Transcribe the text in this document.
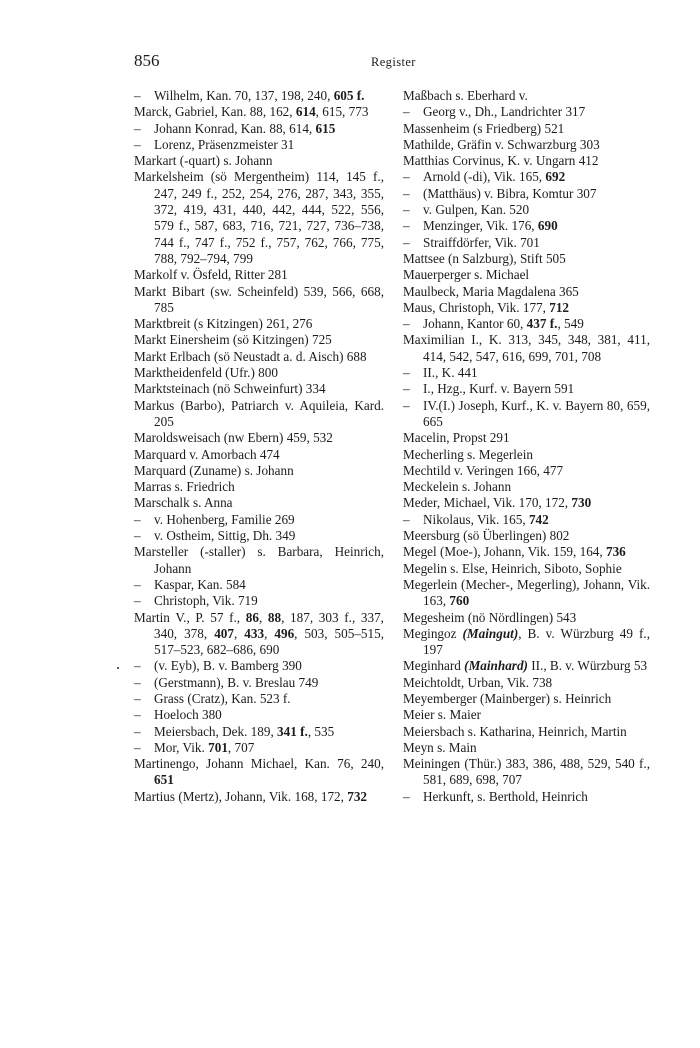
856	Register
– Wilhelm, Kan. 70, 137, 198, 240, 605 f.
Marck, Gabriel, Kan. 88, 162, 614, 615, 773
– Johann Konrad, Kan. 88, 614, 615
– Lorenz, Präsenzmeister 31
Markart (-quart) s. Johann
Markelsheim (sö Mergentheim) 114, 145 f., 247, 249 f., 252, 254, 276, 287, 343, 355, 372, 419, 431, 440, 442, 444, 522, 556, 579 f., 587, 683, 716, 721, 727, 736–738, 744 f., 747 f., 752 f., 757, 762, 766, 775, 788, 792–794, 799
Markolf v. Ösfeld, Ritter 281
Markt Bibart (sw. Scheinfeld) 539, 566, 668, 785
Marktbreit (s Kitzingen) 261, 276
Markt Einersheim (sö Kitzingen) 725
Markt Erlbach (sö Neustadt a. d. Aisch) 688
Marktheidenfeld (Ufr.) 800
Marktsteinach (nö Schweinfurt) 334
Markus (Barbo), Patriarch v. Aquileia, Kard. 205
Maroldsweisach (nw Ebern) 459, 532
Marquard v. Amorbach 474
Marquard (Zuname) s. Johann
Marras s. Friedrich
Marschalk s. Anna
– v. Hohenberg, Familie 269
– v. Ostheim, Sittig, Dh. 349
Marsteller (-staller) s. Barbara, Heinrich, Johann
– Kaspar, Kan. 584
– Christoph, Vik. 719
Martin V., P. 57 f., 86, 88, 187, 303 f., 337, 340, 378, 407, 433, 496, 503, 505–515, 517–523, 682–686, 690
– (v. Eyb), B. v. Bamberg 390
– (Gerstmann), B. v. Breslau 749
– Grass (Cratz), Kan. 523 f.
– Hoeloch 380
– Meiersbach, Dek. 189, 341 f., 535
– Mor, Vik. 701, 707
Martinengo, Johann Michael, Kan. 76, 240, 651
Martius (Mertz), Johann, Vik. 168, 172, 732
Maßbach s. Eberhard v.
– Georg v., Dh., Landrichter 317
Massenheim (s Friedberg) 521
Mathilde, Gräfin v. Schwarzburg 303
Matthias Corvinus, K. v. Ungarn 412
– Arnold (-di), Vik. 165, 692
– (Matthäus) v. Bibra, Komtur 307
– v. Gulpen, Kan. 520
– Menzinger, Vik. 176, 690
– Straiffdörfer, Vik. 701
Mattsee (n Salzburg), Stift 505
Mauerperger s. Michael
Maulbeck, Maria Magdalena 365
Maus, Christoph, Vik. 177, 712
– Johann, Kantor 60, 437 f., 549
Maximilian I., K. 313, 345, 348, 381, 411, 414, 542, 547, 616, 699, 701, 708
– II., K. 441
– I., Hzg., Kurf. v. Bayern 591
– IV.(I.) Joseph, Kurf., K. v. Bayern 80, 659, 665
Macelin, Propst 291
Mecherling s. Megerlein
Mechtild v. Veringen 166, 477
Meckelein s. Johann
Meder, Michael, Vik. 170, 172, 730
– Nikolaus, Vik. 165, 742
Meersburg (sö Überlingen) 802
Megel (Moe-), Johann, Vik. 159, 164, 736
Megelin s. Else, Heinrich, Siboto, Sophie
Megerlein (Mecher-, Megerling), Johann, Vik. 163, 760
Megesheim (nö Nördlingen) 543
Megingoz (Maingut), B. v. Würzburg 49 f., 197
Meginhard (Mainhard) II., B. v. Würzburg 53
Meichtoldt, Urban, Vik. 738
Meyemberger (Mainberger) s. Heinrich
Meier s. Maier
Meiersbach s. Katharina, Heinrich, Martin
Meyn s. Main
Meiningen (Thür.) 383, 386, 488, 529, 540 f., 581, 689, 698, 707
– Herkunft, s. Berthold, Heinrich
